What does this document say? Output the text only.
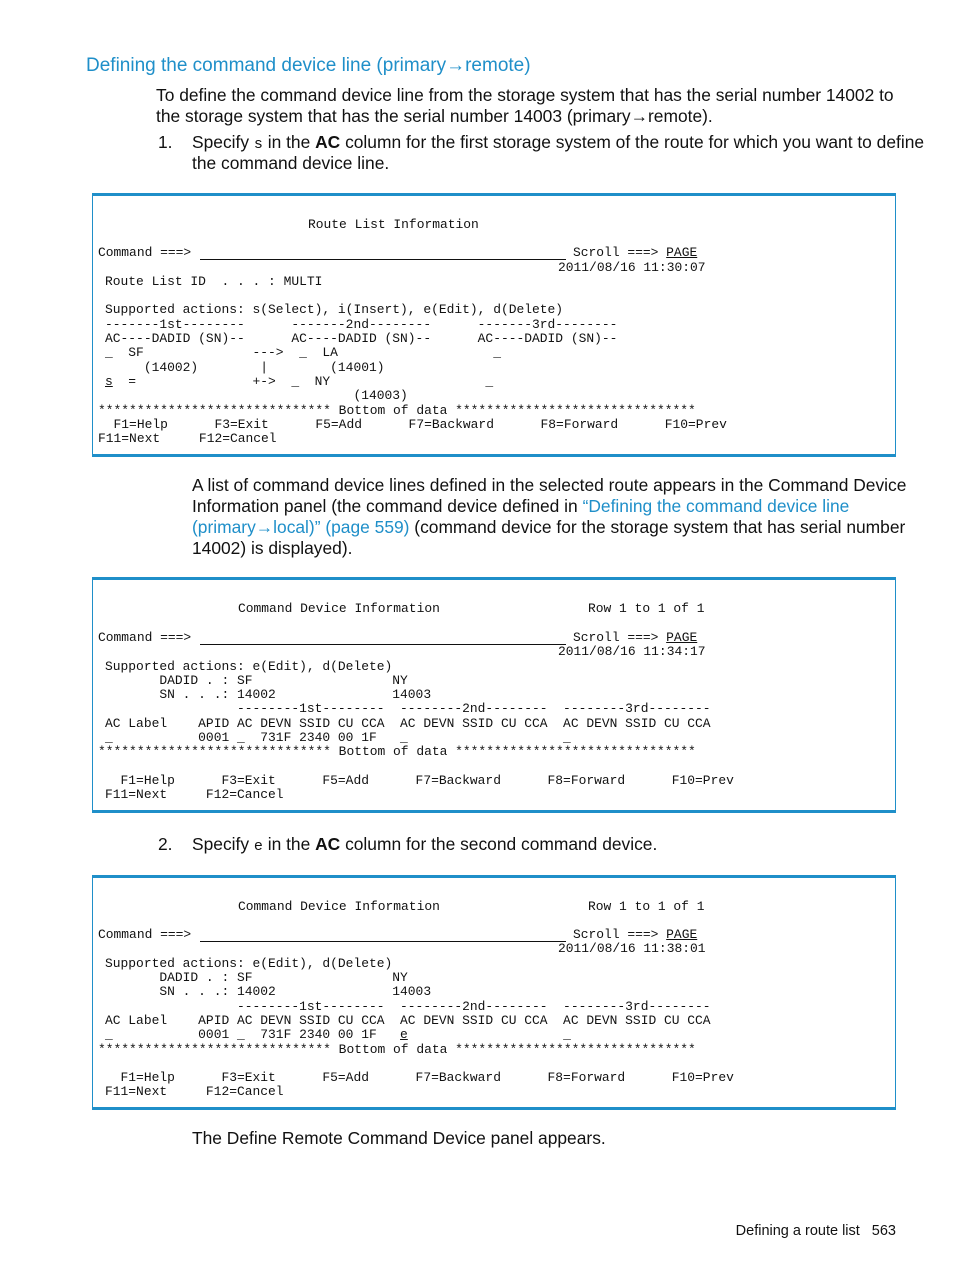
Defining the command device line (primary→remote)

To define the command device line from the storage system that has the serial number 14002 to

the storage system that has the serial number 14003 (primary→remote).

1. Specify s in the AC column for the first storage system of the route for which you want to define

the command device line.

Route List Information
Command ===>	Scroll ===> PAGE
2011/08/16 11:30:07
Route List ID  . . . : MULTI
Supported actions: s(Select), i(Insert), e(Edit), d(Delete)
-------1st--------      -------2nd--------      -------3rd--------
AC----DADID (SN)--      AC----DADID (SN)--      AC----DADID (SN)--
_  SF              --->  _  LA                    _
(14002)        |        (14001)
s  =               +->  _  NY                    _
(14003)
****************************** Bottom of data *******************************
F1=Help      F3=Exit      F5=Add      F7=Backward      F8=Forward      F10=Prev
F11=Next     F12=Cancel

A list of command device lines defined in the selected route appears in the Command Device

Information panel (the command device defined in “Defining the command device line

(primary→local)” (page 559) (command device for the storage system that has serial number

14002) is displayed).

Command Device Information	Row 1 to 1 of 1
Command ===>	Scroll ===> PAGE
2011/08/16 11:34:17
Supported actions: e(Edit), d(Delete)
DADID . : SF                  NY
SN . . .: 14002               14003
--------1st--------  --------2nd--------  --------3rd--------
AC Label    APID AC DEVN SSID CU CCA  AC DEVN SSID CU CCA  AC DEVN SSID CU CCA
_           0001 _  731F 2340 00 1F   _                    _
****************************** Bottom of data *******************************
F1=Help      F3=Exit      F5=Add      F7=Backward      F8=Forward      F10=Prev
F11=Next     F12=Cancel
2. Specify e in the AC column for the second command device.

Command Device Information	Row 1 to 1 of 1
Command ===>	Scroll ===> PAGE
2011/08/16 11:38:01
Supported actions: e(Edit), d(Delete)
DADID . : SF                  NY
SN . . .: 14002               14003
--------1st--------  --------2nd--------  --------3rd--------
AC Label    APID AC DEVN SSID CU CCA  AC DEVN SSID CU CCA  AC DEVN SSID CU CCA
_           0001 _  731F 2340 00 1F   e                    _
****************************** Bottom of data *******************************
F1=Help      F3=Exit      F5=Add      F7=Backward      F8=Forward      F10=Prev
F11=Next     F12=Cancel

The Define Remote Command Device panel appears.

Defining a route list 563
